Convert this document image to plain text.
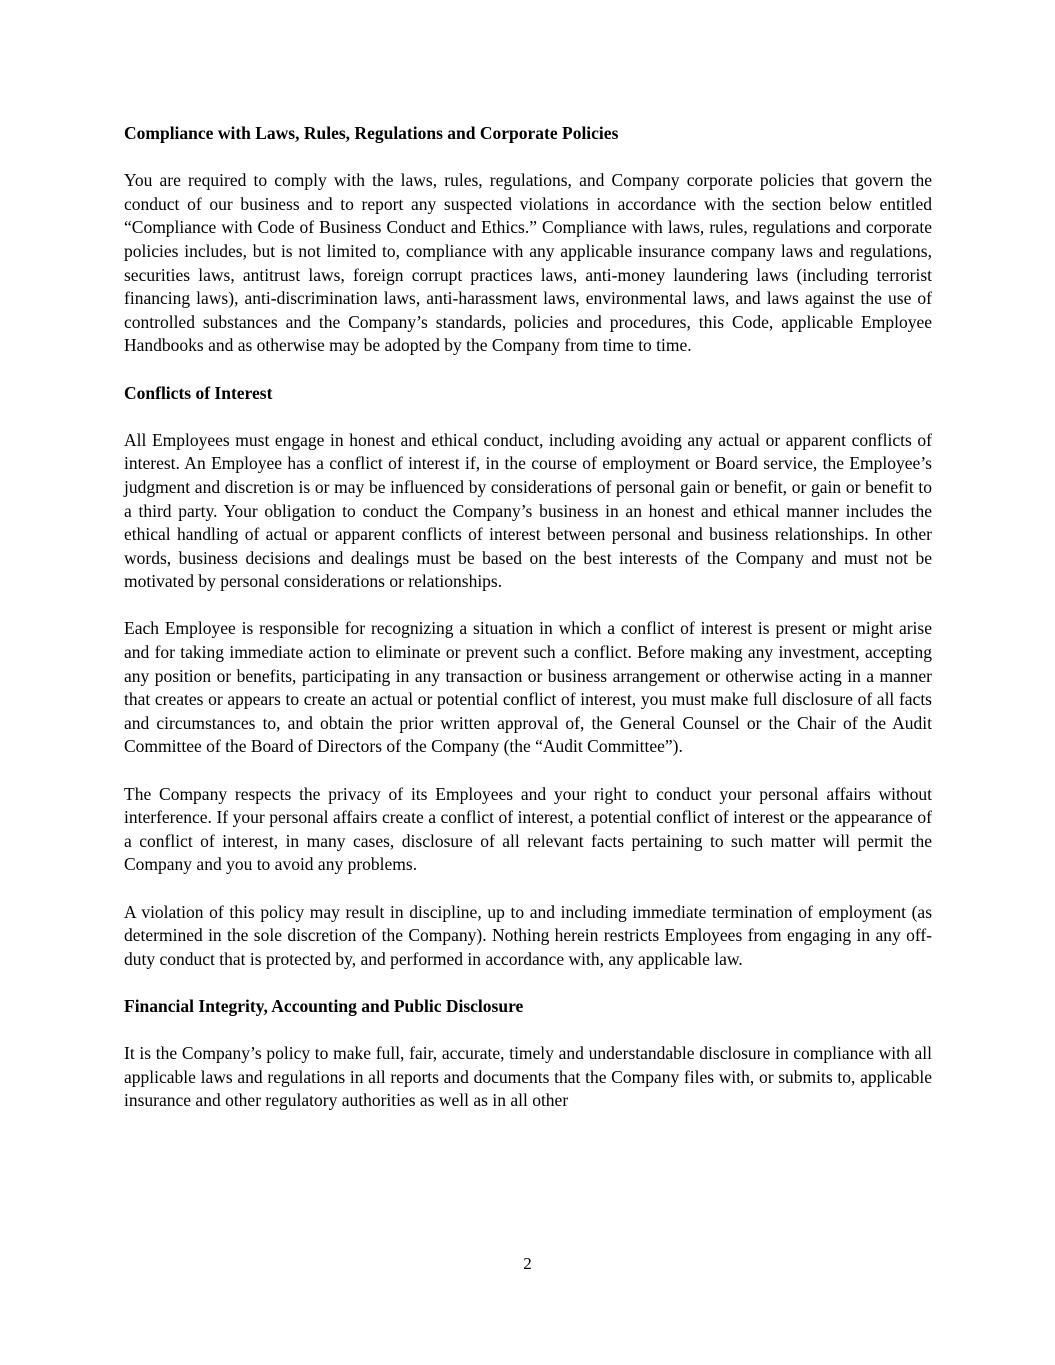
Compliance with Laws, Rules, Regulations and Corporate Policies

You are required to comply with the laws, rules, regulations, and Company corporate policies that govern the conduct of our business and to report any suspected violations in accordance with the section below entitled “Compliance with Code of Business Conduct and Ethics.” Compliance with laws, rules, regulations and corporate policies includes, but is not limited to, compliance with any applicable insurance company laws and regulations, securities laws, antitrust laws, foreign corrupt practices laws, anti-money laundering laws (including terrorist financing laws), anti-discrimination laws, anti-harassment laws, environmental laws, and laws against the use of controlled substances and the Company’s standards, policies and procedures, this Code, applicable Employee Handbooks and as otherwise may be adopted by the Company from time to time.

Conflicts of Interest

All Employees must engage in honest and ethical conduct, including avoiding any actual or apparent conflicts of interest. An Employee has a conflict of interest if, in the course of employment or Board service, the Employee’s judgment and discretion is or may be influenced by considerations of personal gain or benefit, or gain or benefit to a third party. Your obligation to conduct the Company’s business in an honest and ethical manner includes the ethical handling of actual or apparent conflicts of interest between personal and business relationships. In other words, business decisions and dealings must be based on the best interests of the Company and must not be motivated by personal considerations or relationships.

Each Employee is responsible for recognizing a situation in which a conflict of interest is present or might arise and for taking immediate action to eliminate or prevent such a conflict. Before making any investment, accepting any position or benefits, participating in any transaction or business arrangement or otherwise acting in a manner that creates or appears to create an actual or potential conflict of interest, you must make full disclosure of all facts and circumstances to, and obtain the prior written approval of, the General Counsel or the Chair of the Audit Committee of the Board of Directors of the Company (the “Audit Committee”).

The Company respects the privacy of its Employees and your right to conduct your personal affairs without interference. If your personal affairs create a conflict of interest, a potential conflict of interest or the appearance of a conflict of interest, in many cases, disclosure of all relevant facts pertaining to such matter will permit the Company and you to avoid any problems.

A violation of this policy may result in discipline, up to and including immediate termination of employment (as determined in the sole discretion of the Company). Nothing herein restricts Employees from engaging in any off-duty conduct that is protected by, and performed in accordance with, any applicable law.

Financial Integrity, Accounting and Public Disclosure

It is the Company’s policy to make full, fair, accurate, timely and understandable disclosure in compliance with all applicable laws and regulations in all reports and documents that the Company files with, or submits to, applicable insurance and other regulatory authorities as well as in all other

2
